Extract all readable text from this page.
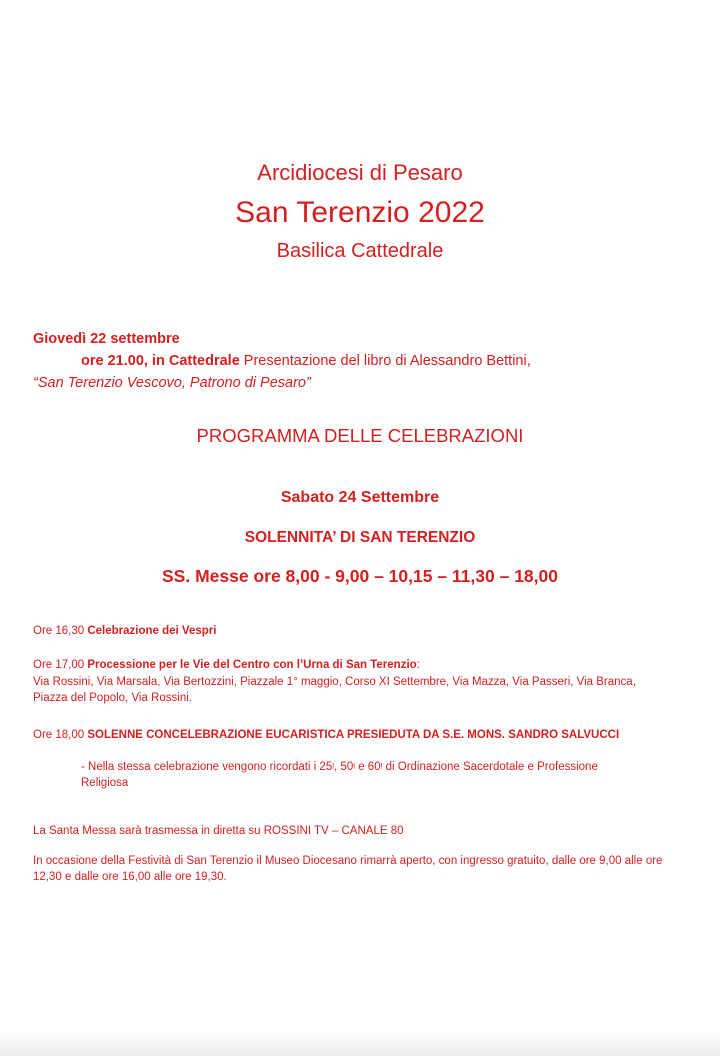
Arcidiocesi di Pesaro
San Terenzio 2022
Basilica Cattedrale
Giovedì 22 settembre
ore 21.00, in Cattedrale Presentazione del libro di Alessandro Bettini,
“San Terenzio Vescovo, Patrono di Pesaro”
PROGRAMMA DELLE CELEBRAZIONI
Sabato 24 Settembre
SOLENNITA’ DI SAN TERENZIO
SS. Messe ore 8,00 - 9,00 – 10,15 – 11,30 – 18,00
Ore 16,30 Celebrazione dei Vespri
Ore 17,00 Processione per le Vie del Centro con l’Urna di San Terenzio:
Via Rossini, Via Marsala, Via Bertozzini, Piazzale 1° maggio, Corso XI Settembre, Via Mazza, Via Passeri, Via Branca, Piazza del Popolo, Via Rossini.
Ore 18,00 SOLENNE CONCELEBRAZIONE EUCARISTICA PRESIEDUTA DA S.E. MONS. SANDRO SALVUCCI
- Nella stessa celebrazione vengono ricordati i 25ᵎ, 50ᵎ e 60ᵎ di Ordinazione Sacerdotale e Professione Religiosa
La Santa Messa sarà trasmessa in diretta su ROSSINI TV – CANALE 80
In occasione della Festività di San Terenzio il Museo Diocesano rimarrà aperto, con ingresso gratuito, dalle ore 9,00 alle ore 12,30 e dalle ore 16,00 alle ore 19,30.
